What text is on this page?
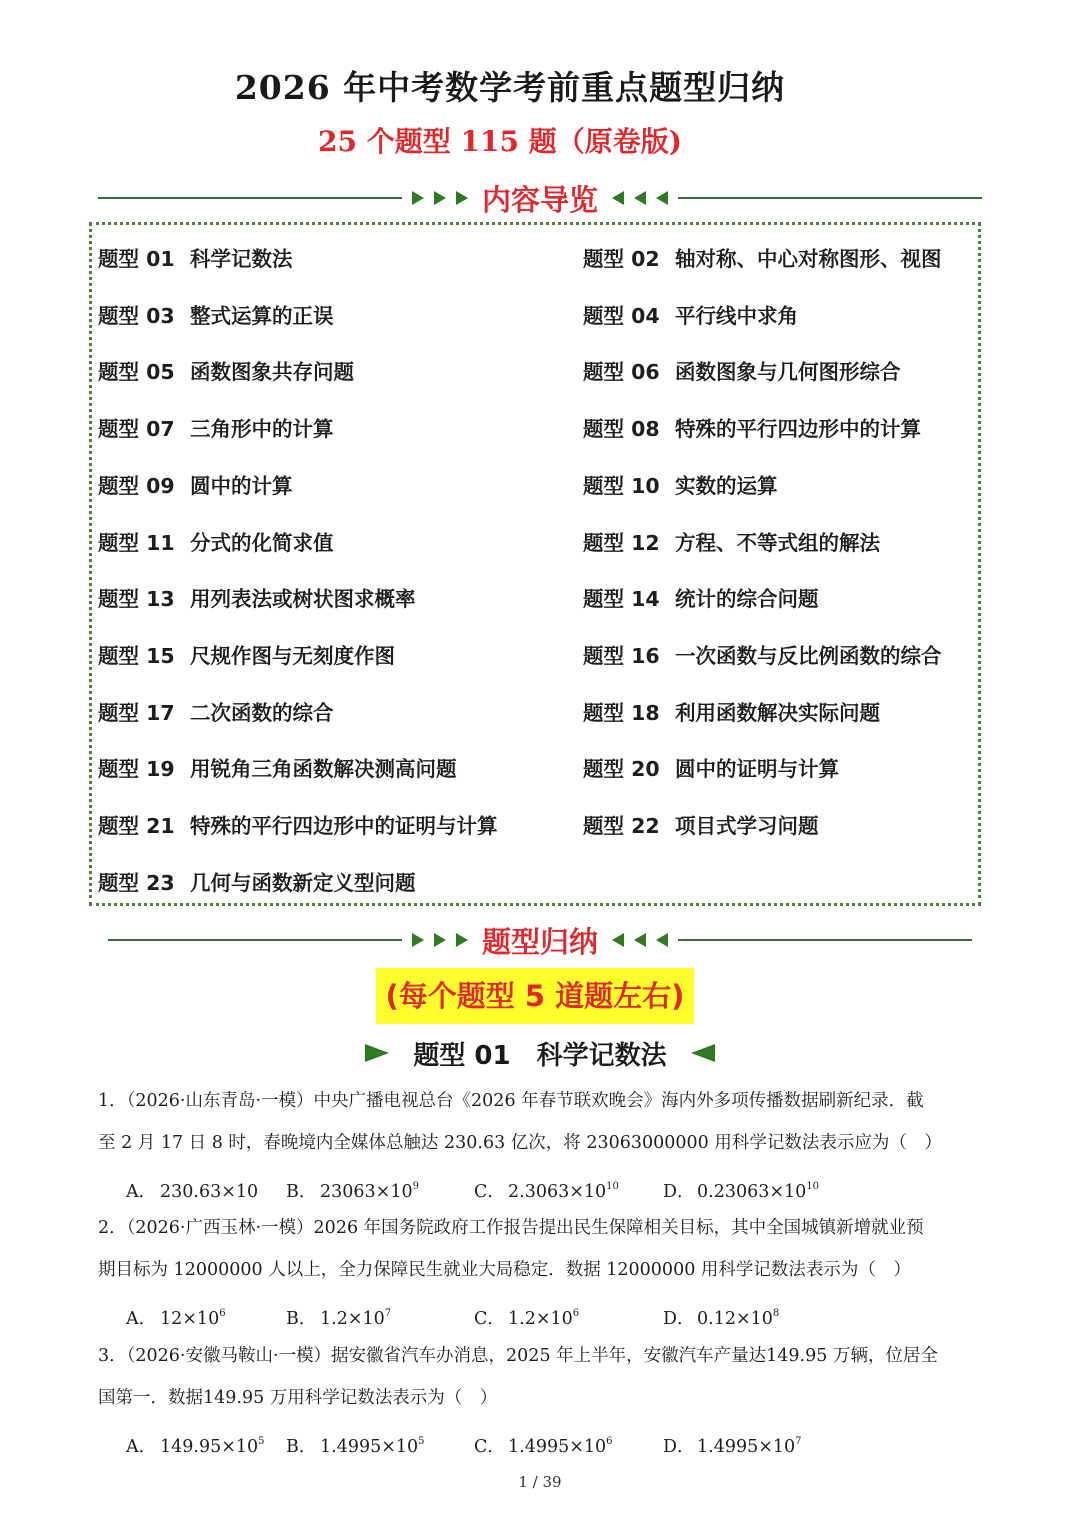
2026 年中考数学考前重点题型归纳
25 个题型 115 题（原卷版)
内容导览
题型 01 科学记数法	题型 02 轴对称、中心对称图形、视图
题型 03 整式运算的正误	题型 04 平行线中求角
题型 05 函数图象共存问题	题型 06 函数图象与几何图形综合
题型 07 三角形中的计算	题型 08 特殊的平行四边形中的计算
题型 09 圆中的计算	题型 10 实数的运算
题型 11 分式的化简求值	题型 12 方程、不等式组的解法
题型 13 用列表法或树状图求概率	题型 14 统计的综合问题
题型 15 尺规作图与无刻度作图	题型 16 一次函数与反比例函数的综合
题型 17 二次函数的综合	题型 18 利用函数解决实际问题
题型 19 用锐角三角函数解决测高问题	题型 20 圆中的证明与计算
题型 21 特殊的平行四边形中的证明与计算	题型 22 项目式学习问题
题型 23 几何与函数新定义型问题
题型归纳
(每个题型 5 道题左右)
题型 01 科学记数法
1．（2026·山东青岛·一模）中央广播电视总台《2026 年春节联欢晚会》海内外多项传播数据刷新纪录．截
至 2 月 17 日 8 时，春晚境内全媒体总触达 230.63 亿次，将 23063000000 用科学记数法表示应为（　）
A． 230.63×10 B． $23063\times 10^9$	C． $2.3063\times 10^{10}$	D． $0.23063\times 10^{10}$
2．（2026·广西玉林·一模）2026 年国务院政府工作报告提出民生保障相关目标，其中全国城镇新增就业预
期目标为 12000000 人以上，全力保障民生就业大局稳定．数据 12000000 用科学记数法表示为（　）
A． $12\times 10^6$	B． $1.2\times 10^7$	C． $1.2\times 10^6$	D． $0.12\times 10^8$
3．（2026·安徽马鞍山·一模）据安徽省汽车办消息，2025 年上半年，安徽汽车产量达149.95 万辆，位居全
国第一．数据149.95 万用科学记数法表示为（　）
A． $149.95\times 10^5$ B． $1.4995\times 10^5$	C． $1.4995\times 10^6$	D． $1.4995\times 10^7$
1 / 39
